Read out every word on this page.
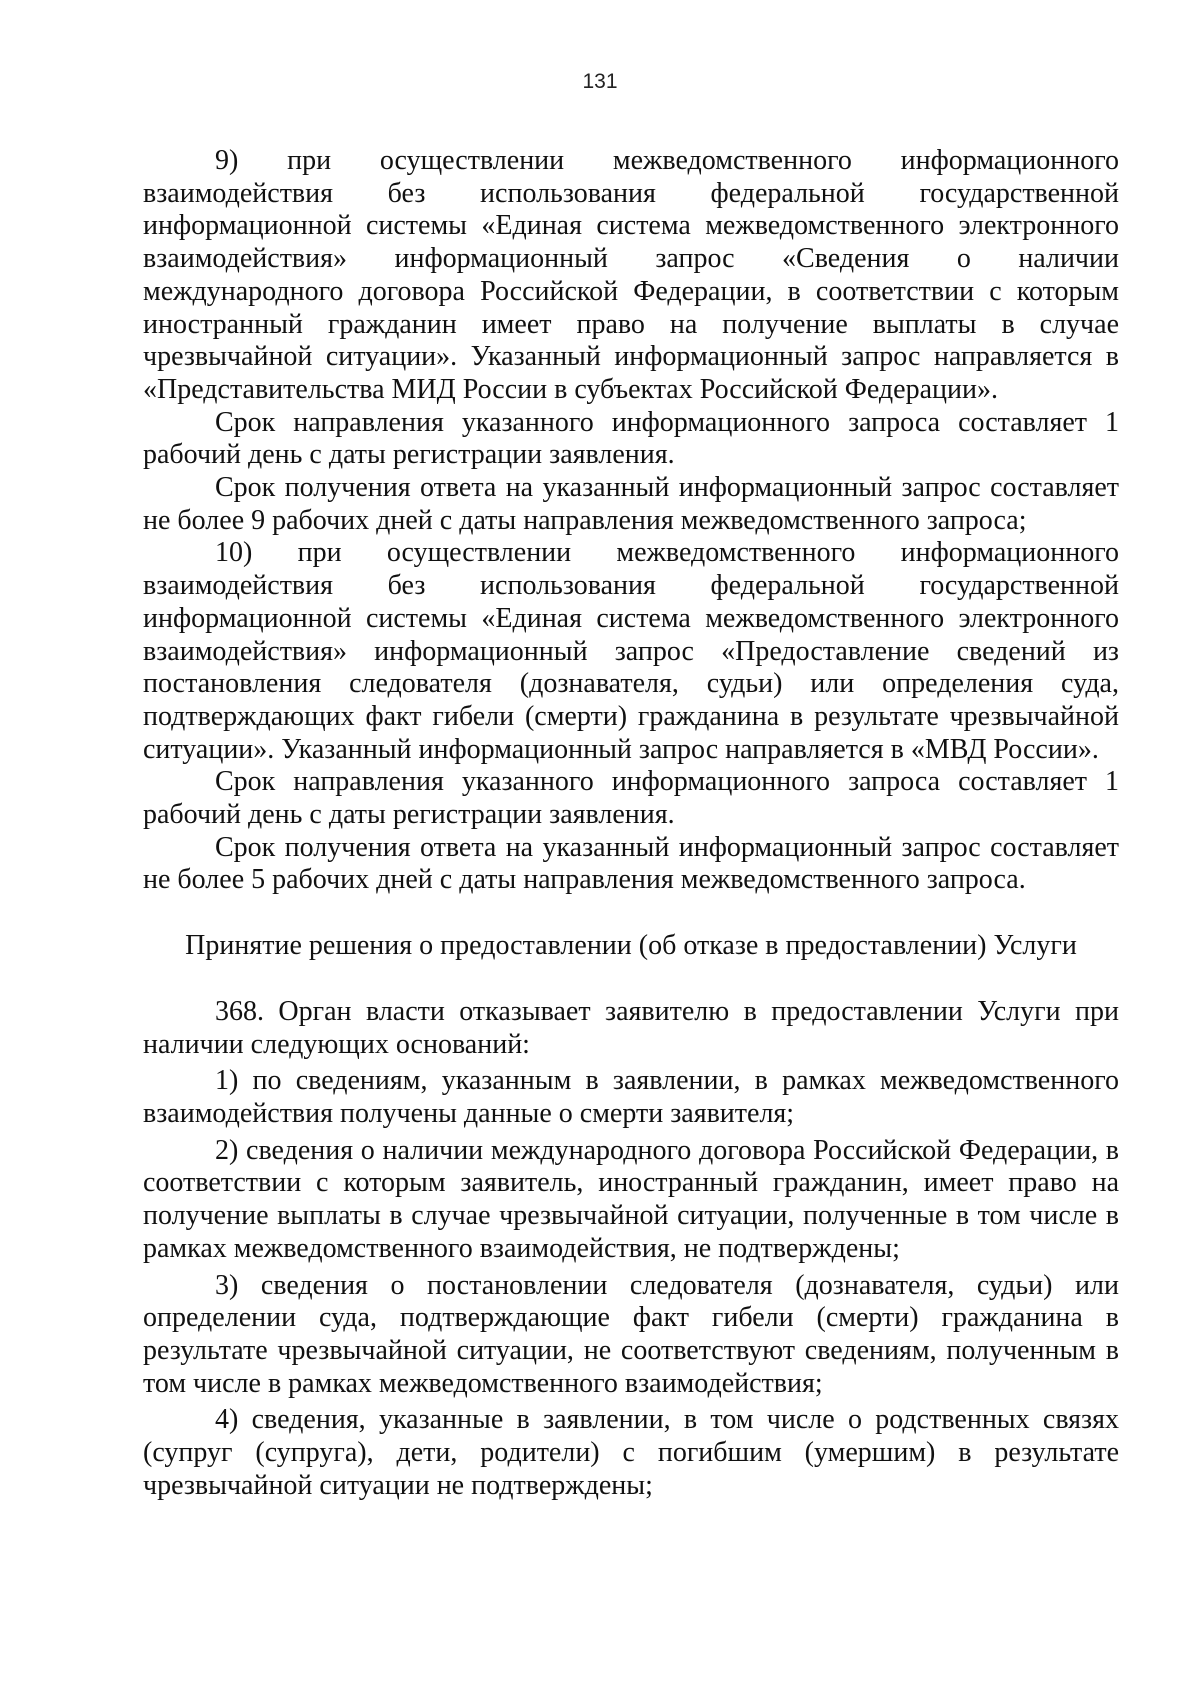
131

9) при осуществлении межведомственного информационного взаимодействия без использования федеральной государственной информационной системы «Единая система межведомственного электронного взаимодействия» информационный запрос «Сведения о наличии международного договора Российской Федерации, в соответствии с которым иностранный гражданин имеет право на получение выплаты в случае чрезвычайной ситуации». Указанный информационный запрос направляется в «Представительства МИД России в субъектах Российской Федерации».

Срок направления указанного информационного запроса составляет 1 рабочий день с даты регистрации заявления.

Срок получения ответа на указанный информационный запрос составляет не более 9 рабочих дней с даты направления межведомственного запроса;

10) при осуществлении межведомственного информационного взаимодействия без использования федеральной государственной информационной системы «Единая система межведомственного электронного взаимодействия» информационный запрос «Предоставление сведений из постановления следователя (дознавателя, судьи) или определения суда, подтверждающих факт гибели (смерти) гражданина в результате чрезвычайной ситуации». Указанный информационный запрос направляется в «МВД России».

Срок направления указанного информационного запроса составляет 1 рабочий день с даты регистрации заявления.

Срок получения ответа на указанный информационный запрос составляет не более 5 рабочих дней с даты направления межведомственного запроса.

Принятие решения о предоставлении (об отказе в предоставлении) Услуги

368. Орган власти отказывает заявителю в предоставлении Услуги при наличии следующих оснований:

1) по сведениям, указанным в заявлении, в рамках межведомственного взаимодействия получены данные о смерти заявителя;

2) сведения о наличии международного договора Российской Федерации, в соответствии с которым заявитель, иностранный гражданин, имеет право на получение выплаты в случае чрезвычайной ситуации, полученные в том числе в рамках межведомственного взаимодействия, не подтверждены;

3) сведения о постановлении следователя (дознавателя, судьи) или определении суда, подтверждающие факт гибели (смерти) гражданина в результате чрезвычайной ситуации, не соответствуют сведениям, полученным в том числе в рамках межведомственного взаимодействия;

4) сведения, указанные в заявлении, в том числе о родственных связях (супруг (супруга), дети, родители) с погибшим (умершим) в результате чрезвычайной ситуации не подтверждены;
